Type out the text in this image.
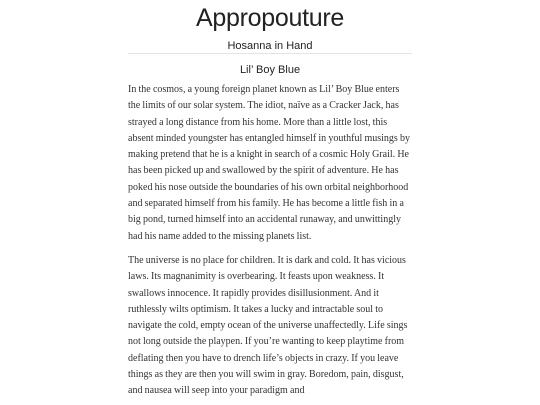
Appropouture
Hosanna in Hand
Lil’ Boy Blue

In the cosmos, a young foreign planet known as Lil’ Boy Blue enters the limits of our solar system. The idiot, naïve as a Cracker Jack, has strayed a long distance from his home. More than a little lost, this absent minded youngster has entangled himself in youthful musings by making pretend that he is a knight in search of a cosmic Holy Grail. He has been picked up and swallowed by the spirit of adventure. He has poked his nose outside the boundaries of his own orbital neighborhood and separated himself from his family. He has become a little fish in a big pond, turned himself into an accidental runaway, and unwittingly had his name added to the missing planets list.

The universe is no place for children. It is dark and cold. It has vicious laws. Its magnanimity is overbearing. It feasts upon weakness. It swallows innocence. It rapidly provides disillusionment. And it ruthlessly wilts optimism. It takes a lucky and intractable soul to navigate the cold, empty ocean of the universe unaffectedly. Life sings not long outside the playpen. If you’re wanting to keep playtime from deflating then you have to drench life’s objects in crazy. If you leave things as they are then you will swim in gray. Boredom, pain, disgust, and nausea will seep into your paradigm and
